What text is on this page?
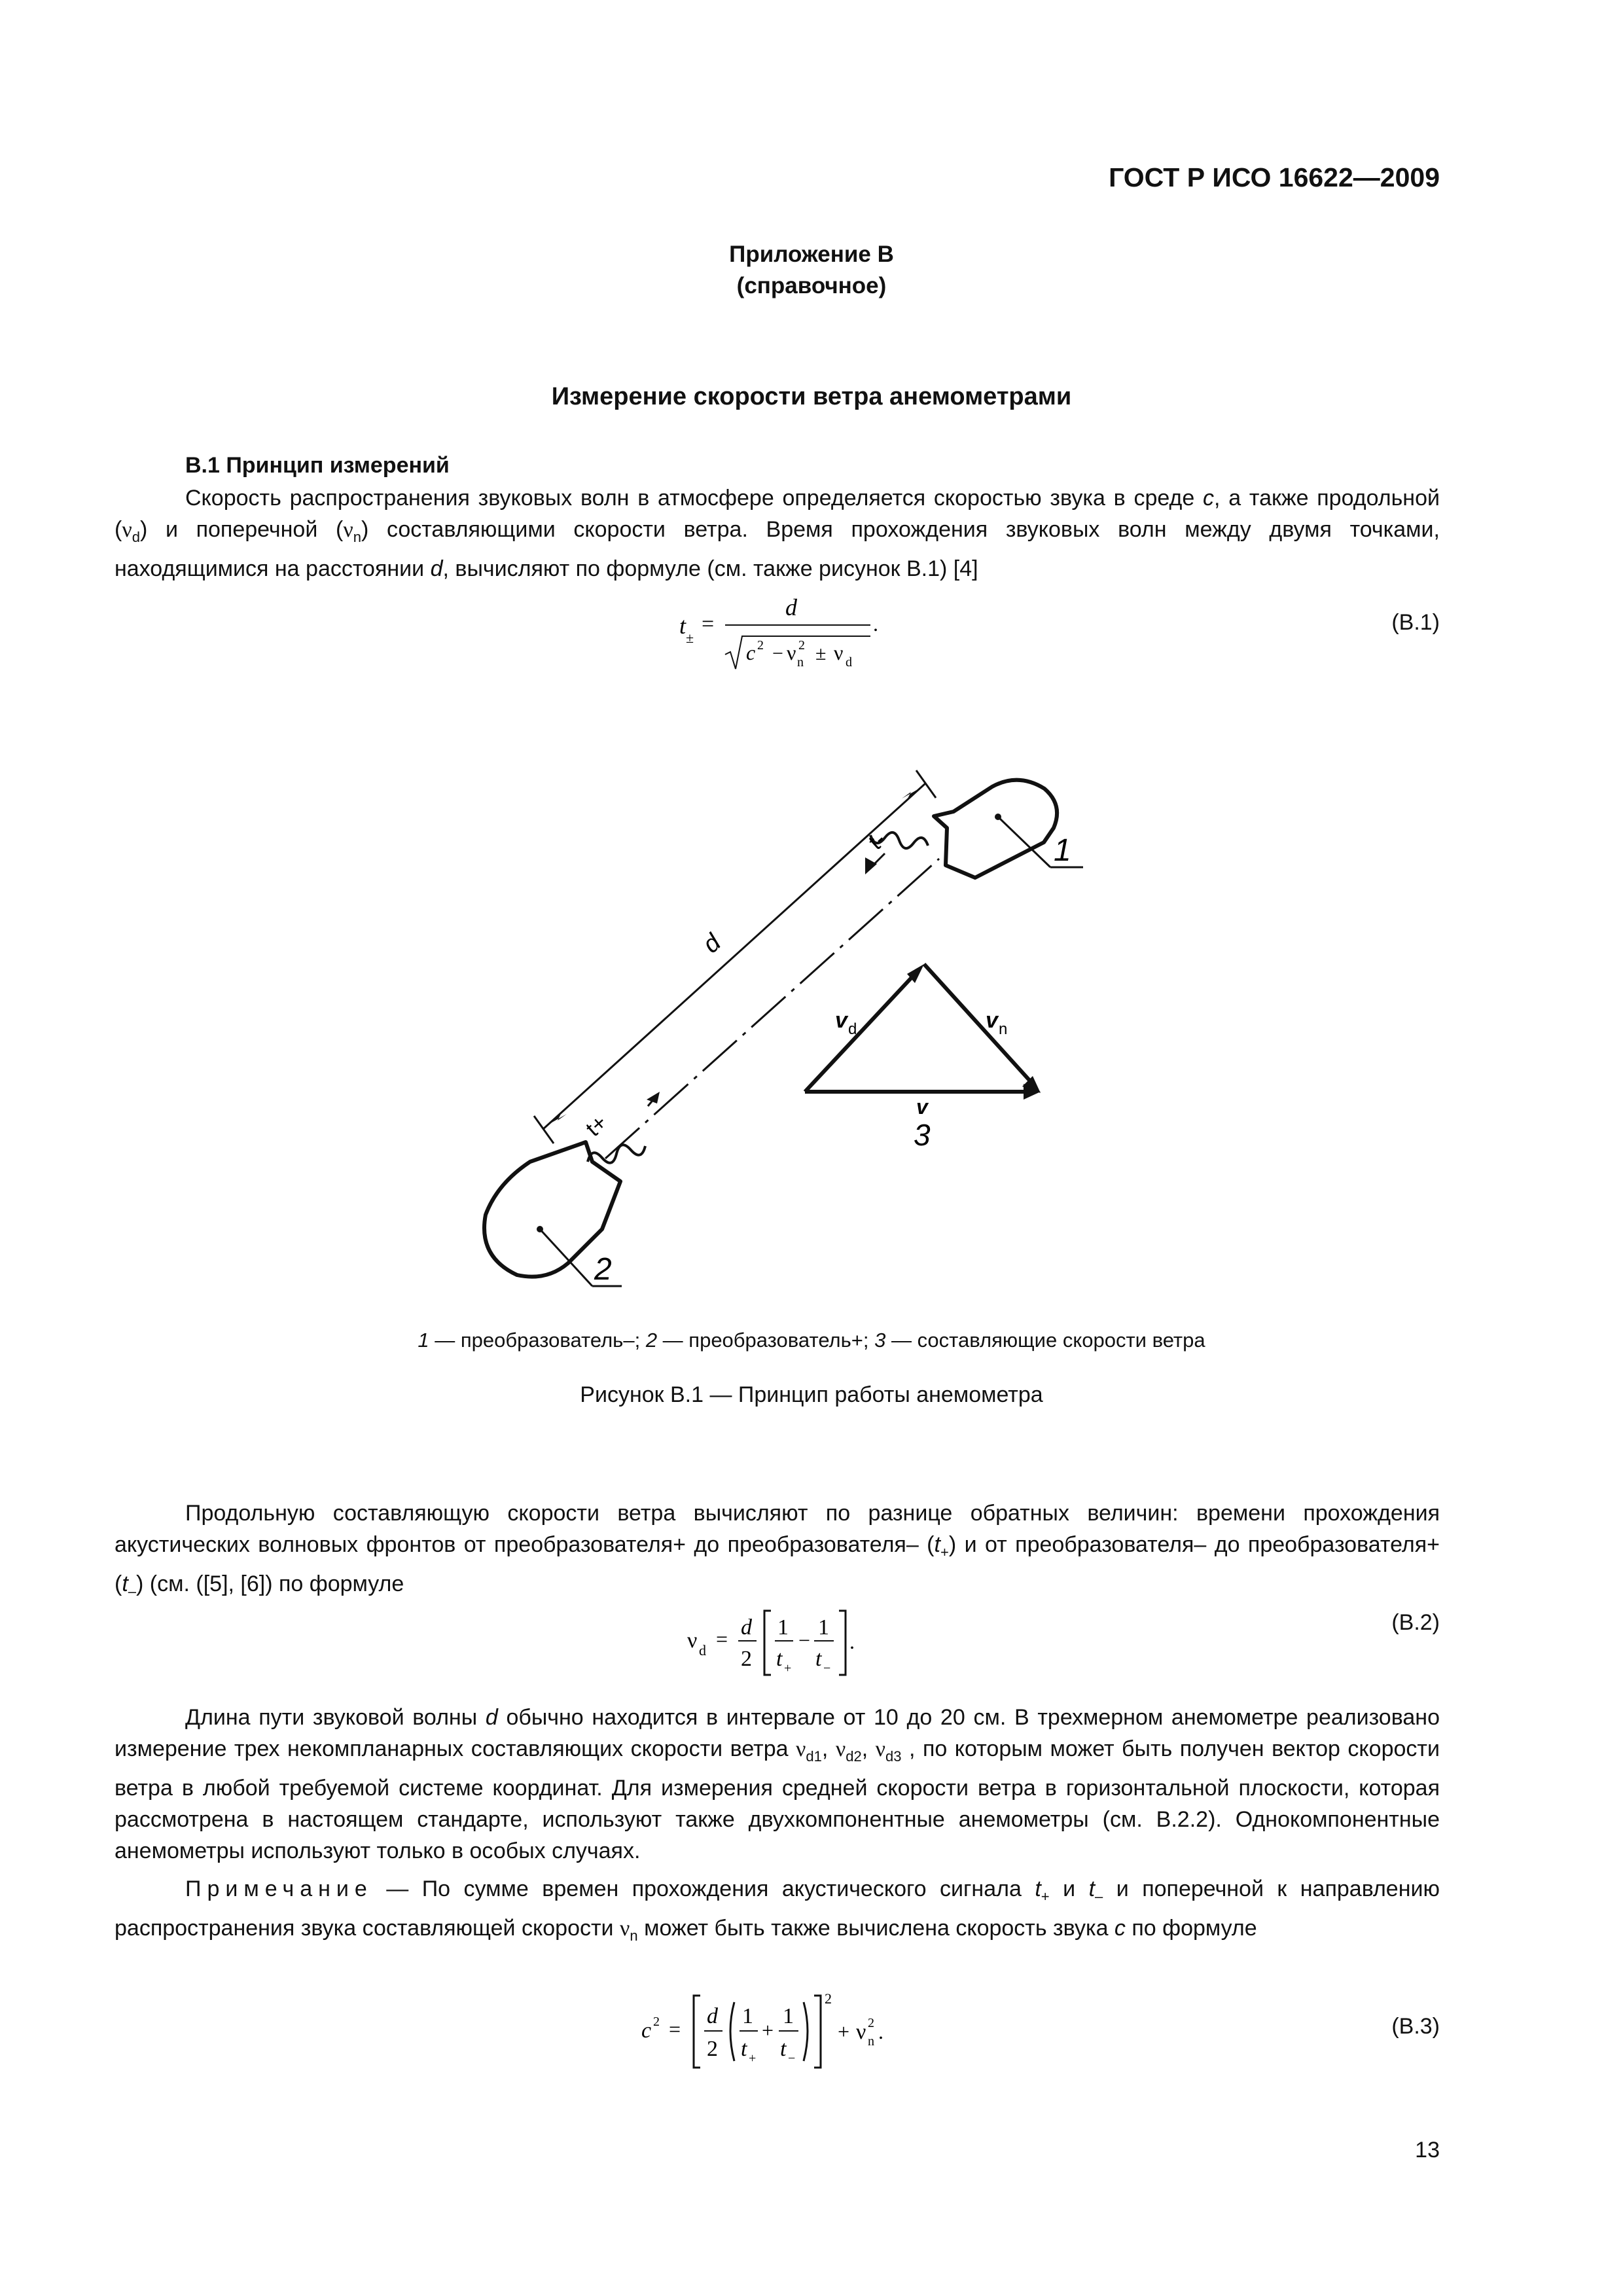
ГОСТ Р ИСО 16622—2009
Приложение В
(справочное)
Измерение скорости ветра анемометрами
В.1 Принцип измерений

Скорость распространения звуковых волн в атмосфере определяется скоростью звука в среде c, а также продольной $(\nu_d)$ и поперечной $(\nu_n)$ составляющими скорости ветра. Время прохождения звуковых волн между двумя точками, находящимися на расстоянии d, вычисляют по формуле (см. также рисунок В.1) [4]

t ±
=
d
c 2 − ν 2
n ± ν d
.	(В.1)
1
2
d
t-
t+
v d	v n
v
3
1 — преобразователь–; 2 — преобразователь+; 3 — составляющие скорости ветра
Рисунок В.1 — Принцип работы анемометра

Продольную составляющую скорости ветра вычисляют по разнице обратных величин: времени прохождения акустических волновых фронтов от преобразователя+ до преобразователя– $(t_+)$ и от преобразователя– до преобразователя+ $(t_-)$ (см. ([5], [6]) по формуле

ν d = d
2
1
t +
−
1
t −
.
(В.2)

Длина пути звуковой волны d обычно находится в интервале от 10 до 20 см. В трехмерном анемометре реализовано измерение трех некомпланарных составляющих скорости ветра $\nu_{d1}$, $\nu_{d2}$, $\nu_{d3}$ , по которым может быть получен вектор скорости ветра в любой требуемой системе координат. Для измерения средней скорости ветра в горизонтальной плоскости, которая рассмотрена в настоящем стандарте, используют также двухкомпонентные анемометры (см. В.2.2). Однокомпонентные анемометры используют только в особых случаях.

Примечание — По сумме времен прохождения акустического сигнала $t_+$ и $t_-$ и поперечной к направлению распространения звука составляющей скорости $\nu_n$ может быть также вычислена скорость звука c по формуле

c 2 =
d
2
1
t +
+
1
t −
2
+ ν 2
n .	(В.3)
13
